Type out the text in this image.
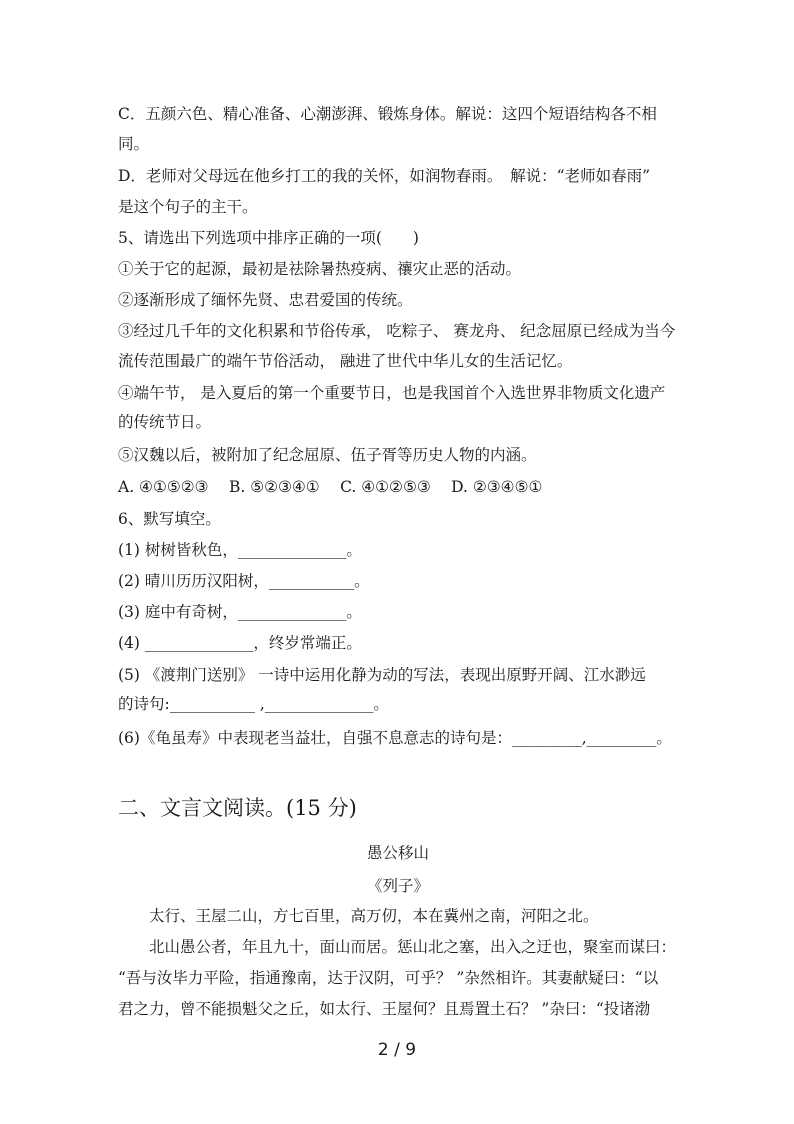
C．五颜六色、精心准备、心潮澎湃、锻炼身体。解说：这四个短语结构各不相
同。
D．老师对父母远在他乡打工的我的关怀，如润物春雨。　解说：“老师如春雨”
是这个句子的主干。
5、请选出下列选项中排序正确的一项(　　)
①关于它的起源，最初是祛除暑热疫病、禳灾止恶的活动。
②逐渐形成了缅怀先贤、忠君爱国的传统。
③经过几千年的文化积累和节俗传承， 吃粽子、 赛龙舟、 纪念屈原已经成为当今
流传范围最广的端午节俗活动， 融进了世代中华儿女的生活记忆。
④端午节， 是入夏后的第一个重要节日，也是我国首个入选世界非物质文化遗产
的传统节日。
⑤汉魏以后，被附加了纪念屈原、伍子胥等历史人物的内涵。
A. ④①⑤②③　 B. ⑤②③④①　 C. ④①②⑤③　 D. ②③④⑤①
6、默写填空。
(1) 树树皆秋色，______________。
(2) 晴川历历汉阳树，___________。
(3) 庭中有奇树，______________。
(4) ______________，终岁常端正。
(5) 《渡荆门送别》 一诗中运用化静为动的写法，表现出原野开阔、江水渺远
的诗句:___________ ,______________。
(6)《龟虽寿》中表现老当益壮，自强不息意志的诗句是：_________,_________。
二、文言文阅读。(15 分)
愚公移山
《列子》
　　太行、王屋二山，方七百里，高万仞，本在冀州之南，河阳之北。
　　北山愚公者，年且九十，面山而居。惩山北之塞，出入之迂也，聚室而谋曰：
“吾与汝毕力平险，指通豫南，达于汉阴，可乎？ ”杂然相许。其妻献疑曰：“以
君之力，曾不能损魁父之丘，如太行、王屋何？且焉置土石？ ”杂曰：“投诸渤
2 / 9
